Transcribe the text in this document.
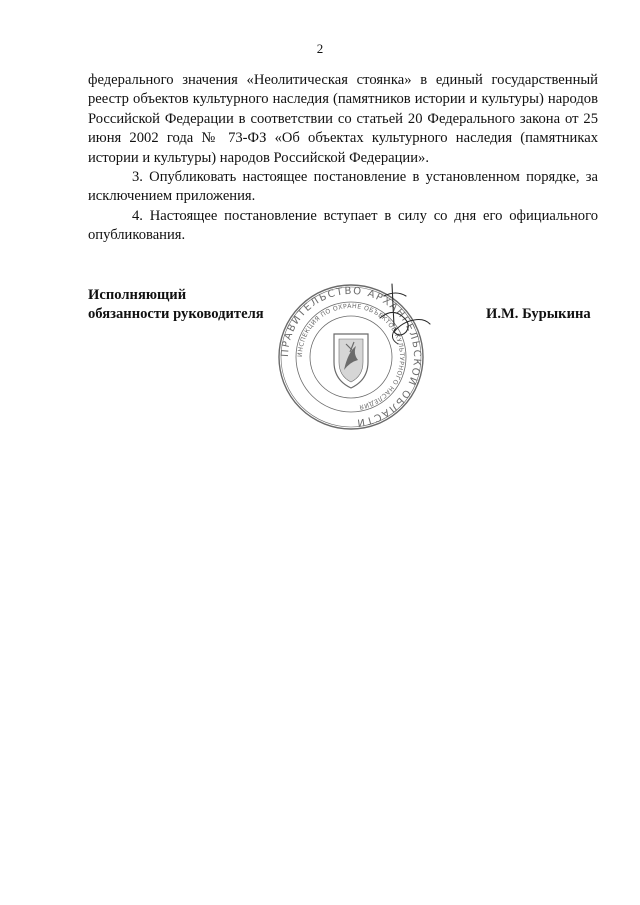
2

федерального значения «Неолитическая стоянка» в единый государственный реестр объектов культурного наследия (памятников истории и культуры) народов Российской Федерации в соответствии со статьей 20 Федерального закона от 25 июня 2002 года № 73-ФЗ «Об объектах культурного наследия (памятниках истории и культуры) народов Российской Федерации».

3. Опубликовать настоящее постановление в установленном порядке, за исключением приложения.

4. Настоящее постановление вступает в силу со дня его официального опубликования.

Исполняющий
обязанности руководителя
ПРАВИТЕЛЬСТВО АРХАНГЕЛЬСКОЙ ОБЛАСТИ
ИНСПЕКЦИЯ ПО ОХРАНЕ ОБЪЕКТОВ КУЛЬТУРНОГО НАСЛЕДИЯ
И.М. Бурыкина
